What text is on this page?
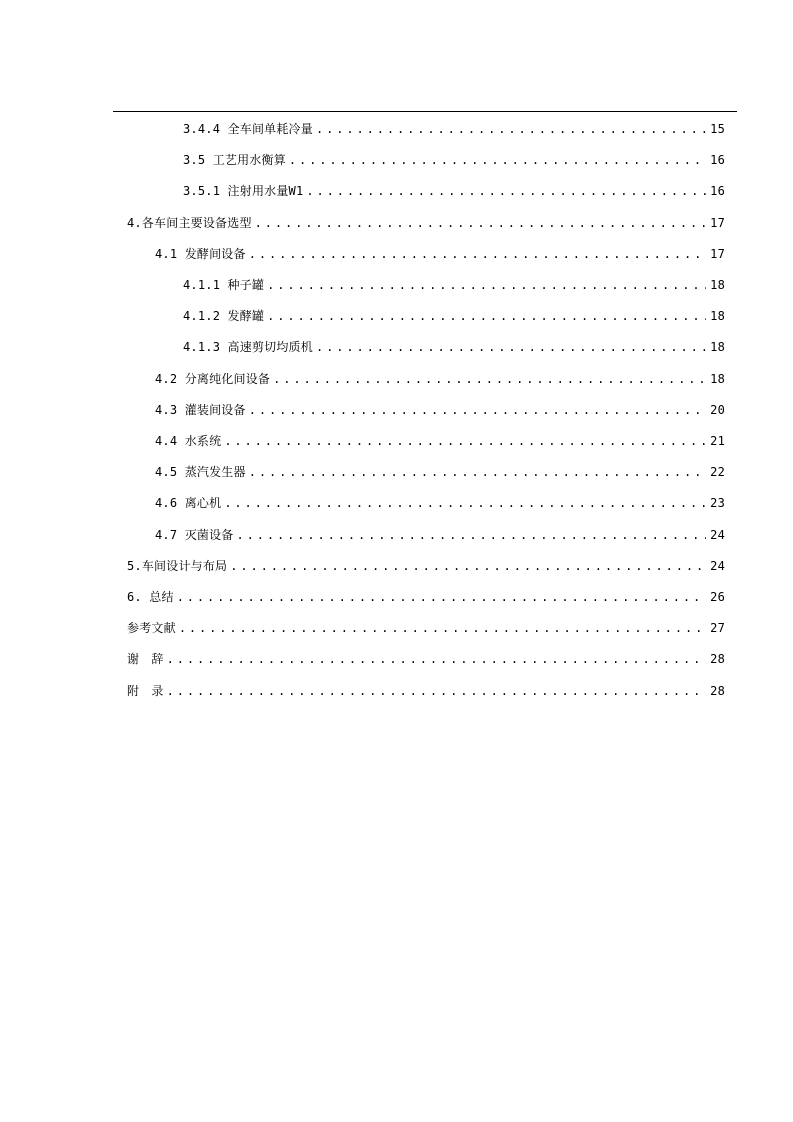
3.4.4 全车间单耗冷量 .....	15
3.5 工艺用水衡算 .....	16
3.5.1 注射用水量W1 .....	16
4.各车间主要设备选型 .....	17
4.1 发酵间设备 .....	17
4.1.1 种子罐 .....	18
4.1.2 发酵罐 .....	18
4.1.3 高速剪切均质机 .....	18
4.2 分离纯化间设备 .....	18
4.3 灌装间设备 .....	20
4.4 水系统 .....	21
4.5 蒸汽发生器 .....	22
4.6 离心机 .....	23
4.7 灭菌设备 .....	24
5.车间设计与布局 .....	24
6. 总结 .....	26
参考文献 .....	27
谢　辞 .....	28
附　录 .....	28
